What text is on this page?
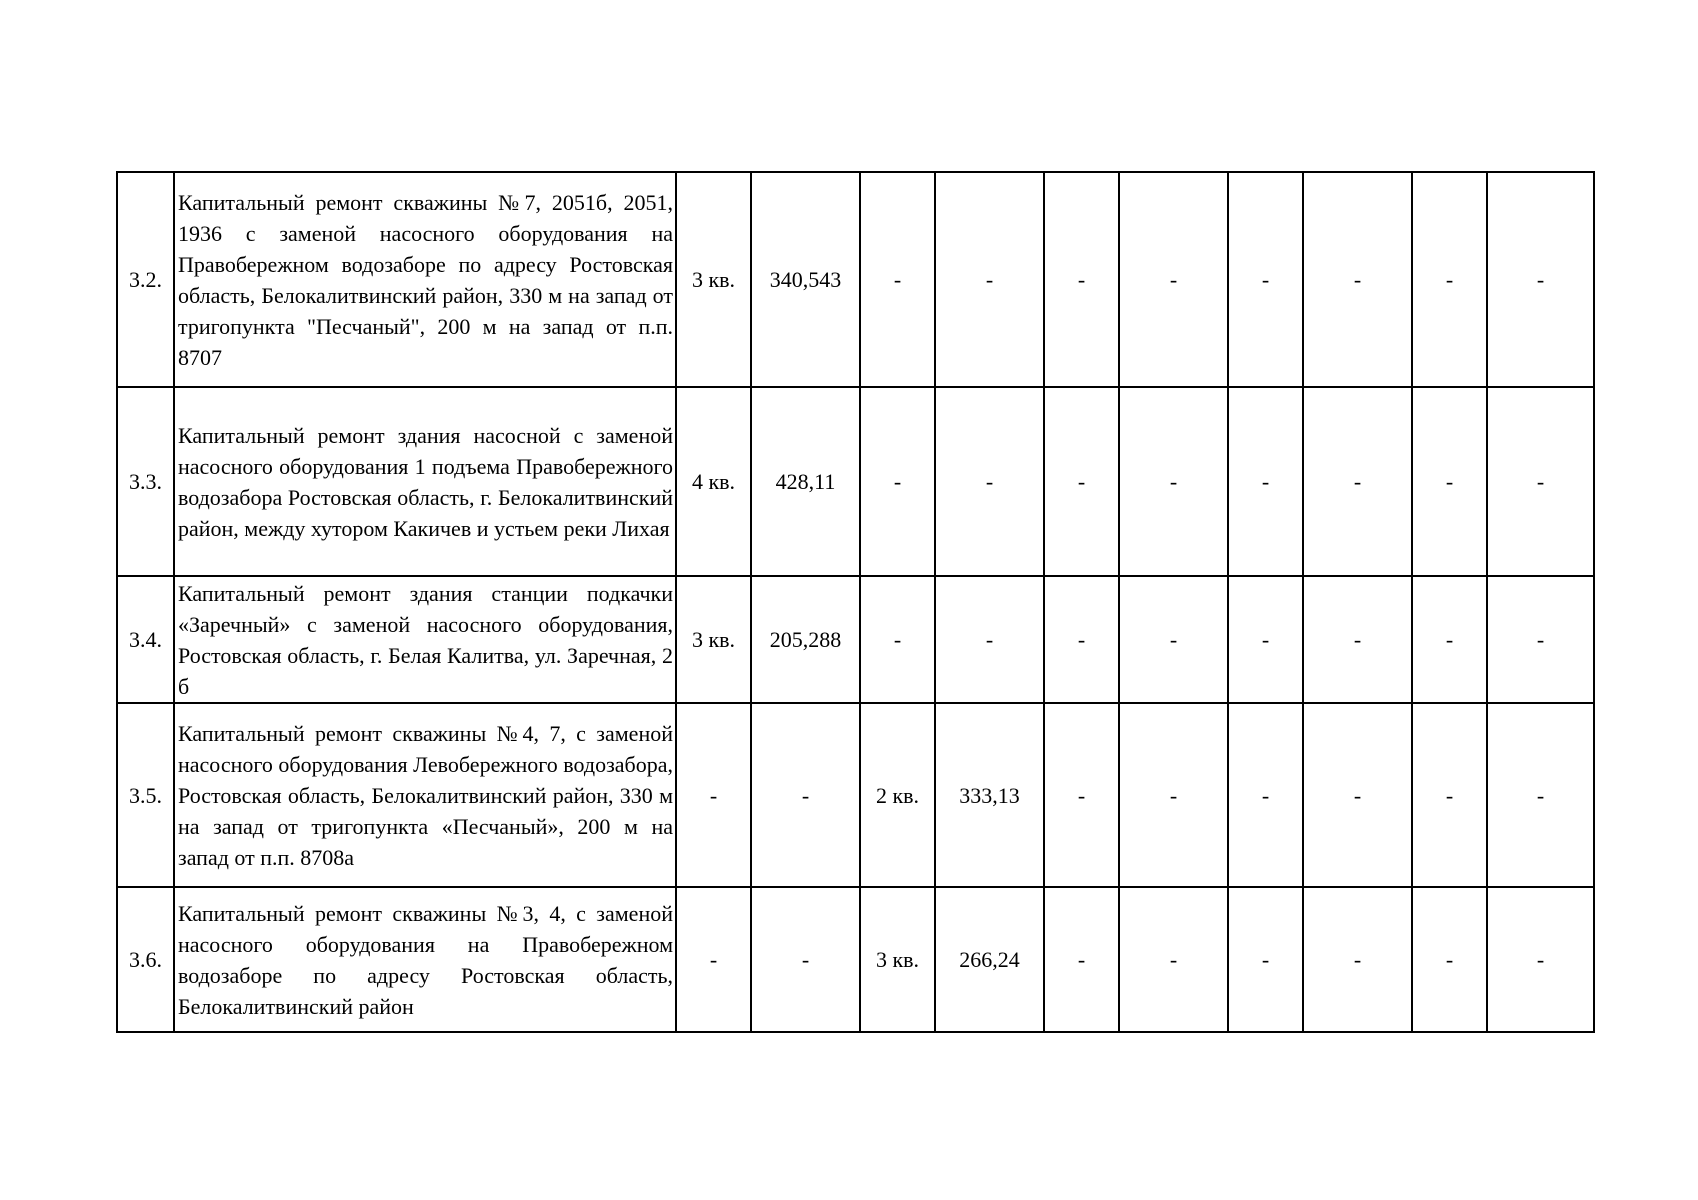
3.2.	Капитальный ремонт скважины №7, 2051б, 2051, 1936 с заменой насосного оборудования на Правобережном водозаборе по адресу Ростовская область, Белокалитвинский район, 330 м на запад от тригопункта "Песчаный", 200 м на запад от п.п. 8707	3 кв.	340,543	-	-	-	-	-	-	-	-
3.3.	Капитальный ремонт здания насосной с заменой насосного оборудования 1 подъема Правобережного водозабора Ростовская область, г. Белокалитвинский район, между хутором Какичев и устьем реки Лихая	4 кв.	428,11	-	-	-	-	-	-	-	-
3.4.	Капитальный ремонт здания станции подкачки «Заречный» с заменой насосного оборудования, Ростовская область, г. Белая Калитва, ул. Заречная, 2 б	3 кв.	205,288	-	-	-	-	-	-	-	-
3.5.	Капитальный ремонт скважины №4, 7, с заменой насосного оборудования Левобережного водозабора, Ростовская область, Белокалитвинский район, 330 м на запад от тригопункта «Песчаный», 200 м на запад от п.п. 8708а	-	-	2 кв.	333,13	-	-	-	-	-	-
3.6.	Капитальный ремонт скважины №3, 4, с заменой насосного оборудования на Правобережном водозаборе по адресу Ростовская область, Белокалитвинский район	-	-	3 кв.	266,24	-	-	-	-	-	-
